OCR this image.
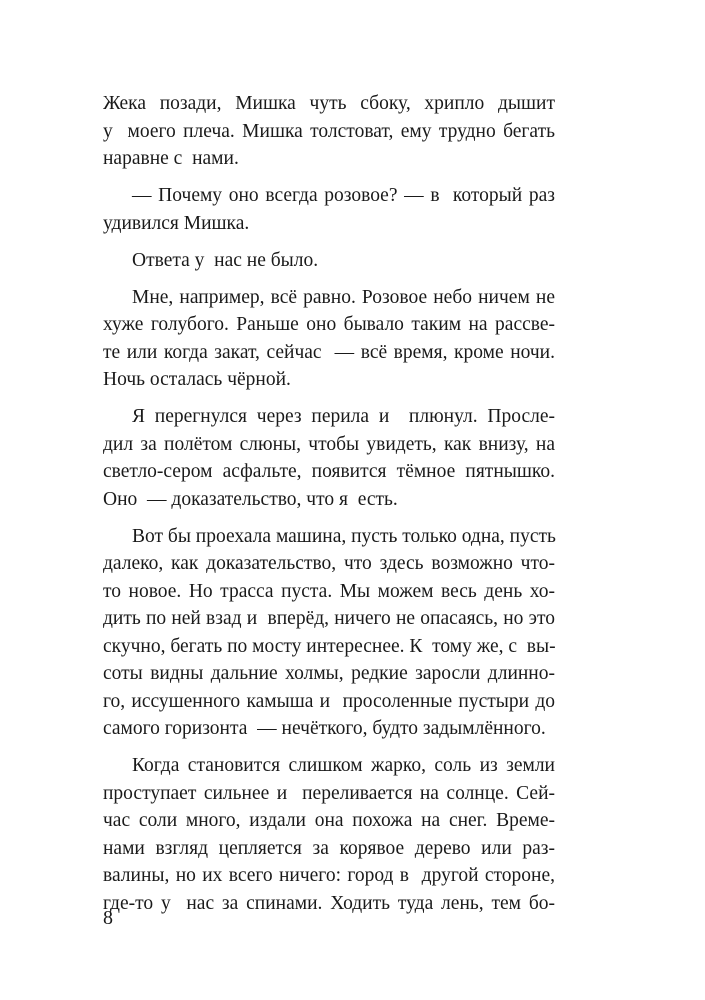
Жека позади, Мишка чуть сбоку, хрипло дышит
у  моего плеча. Мишка толстоват, ему трудно бегать
наравне с  нами.
— Почему оно всегда розовое? — в  который раз
удивился Мишка.
Ответа у  нас не было.
Мне, например, всё равно. Розовое небо ничем не
хуже голубого. Раньше оно бывало таким на рассве-
те или когда закат, сейчас  — всё время, кроме ночи.
Ночь осталась чёрной.
Я перегнулся через перила и  плюнул. Просле-
дил за полётом слюны, чтобы увидеть, как внизу, на
светло-сером асфальте, появится тёмное пятнышко.
Оно  — доказательство, что я  есть.
Вот бы проехала машина, пусть только одна, пусть
далеко, как доказательство, что здесь возможно что-
то новое. Но трасса пуста. Мы можем весь день хо-
дить по ней взад и  вперёд, ничего не опасаясь, но это
скучно, бегать по мосту интереснее. К  тому же, с  вы-
соты видны дальние холмы, редкие заросли длинно-
го, иссушенного камыша и  просоленные пустыри до
самого горизонта  — нечёткого, будто задымлённого.
Когда становится слишком жарко, соль из земли
проступает сильнее и  переливается на солнце. Сей-
час соли много, издали она похожа на снег. Време-
нами взгляд цепляется за корявое дерево или раз-
валины, но их всего ничего: город в  другой стороне,
где-то у  нас за спинами. Ходить туда лень, тем бо-
8
